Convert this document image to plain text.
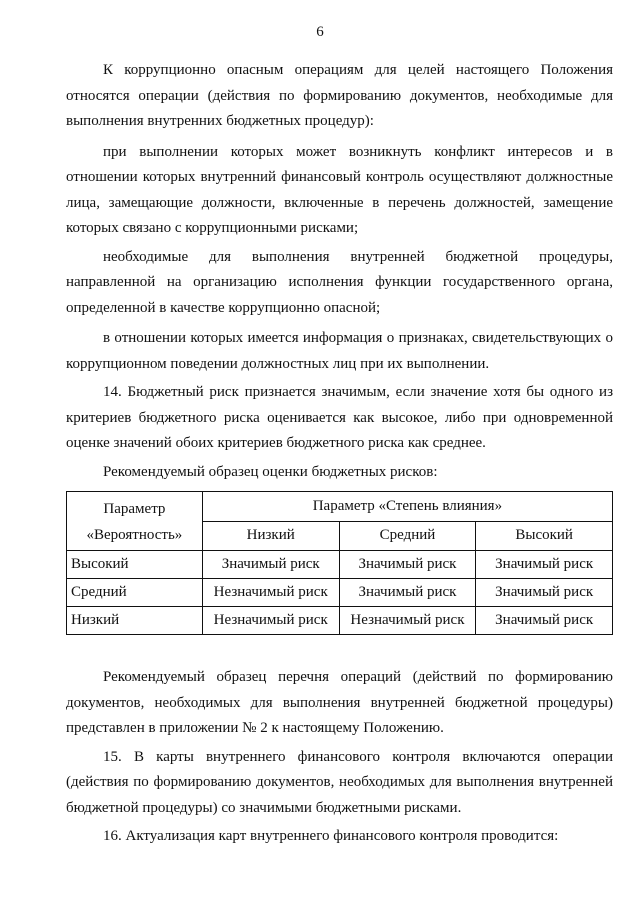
6

К коррупционно опасным операциям для целей настоящего Положения относятся операции (действия по формированию документов, необходимые для выполнения внутренних бюджетных процедур):

при выполнении которых может возникнуть конфликт интересов и в отношении которых внутренний финансовый контроль осуществляют должностные лица, замещающие должности, включенные в перечень должностей, замещение которых связано с коррупционными рисками;

необходимые для выполнения внутренней бюджетной процедуры, направленной на организацию исполнения функции государственного органа, определенной в качестве коррупционно опасной;

в отношении которых имеется информация о признаках, свидетельствующих о коррупционном поведении должностных лиц при их выполнении.

14. Бюджетный риск признается значимым, если значение хотя бы одного из критериев бюджетного риска оценивается как высокое, либо при одновременной оценке значений обоих критериев бюджетного риска как среднее.

Рекомендуемый образец оценки бюджетных рисков:

Параметр
«Вероятность»	Параметр «Степень влияния»		
	Низкий	Средний	Высокий
Высокий	Значимый риск	Значимый риск	Значимый риск
Средний	Незначимый риск	Значимый риск	Значимый риск
Низкий	Незначимый риск	Незначимый риск	Значимый риск

Рекомендуемый образец перечня операций (действий по формированию документов, необходимых для выполнения внутренней бюджетной процедуры) представлен в приложении № 2 к настоящему Положению.

15. В карты внутреннего финансового контроля включаются операции (действия по формированию документов, необходимых для выполнения внутренней бюджетной процедуры) со значимыми бюджетными рисками.

16. Актуализация карт внутреннего финансового контроля проводится:
